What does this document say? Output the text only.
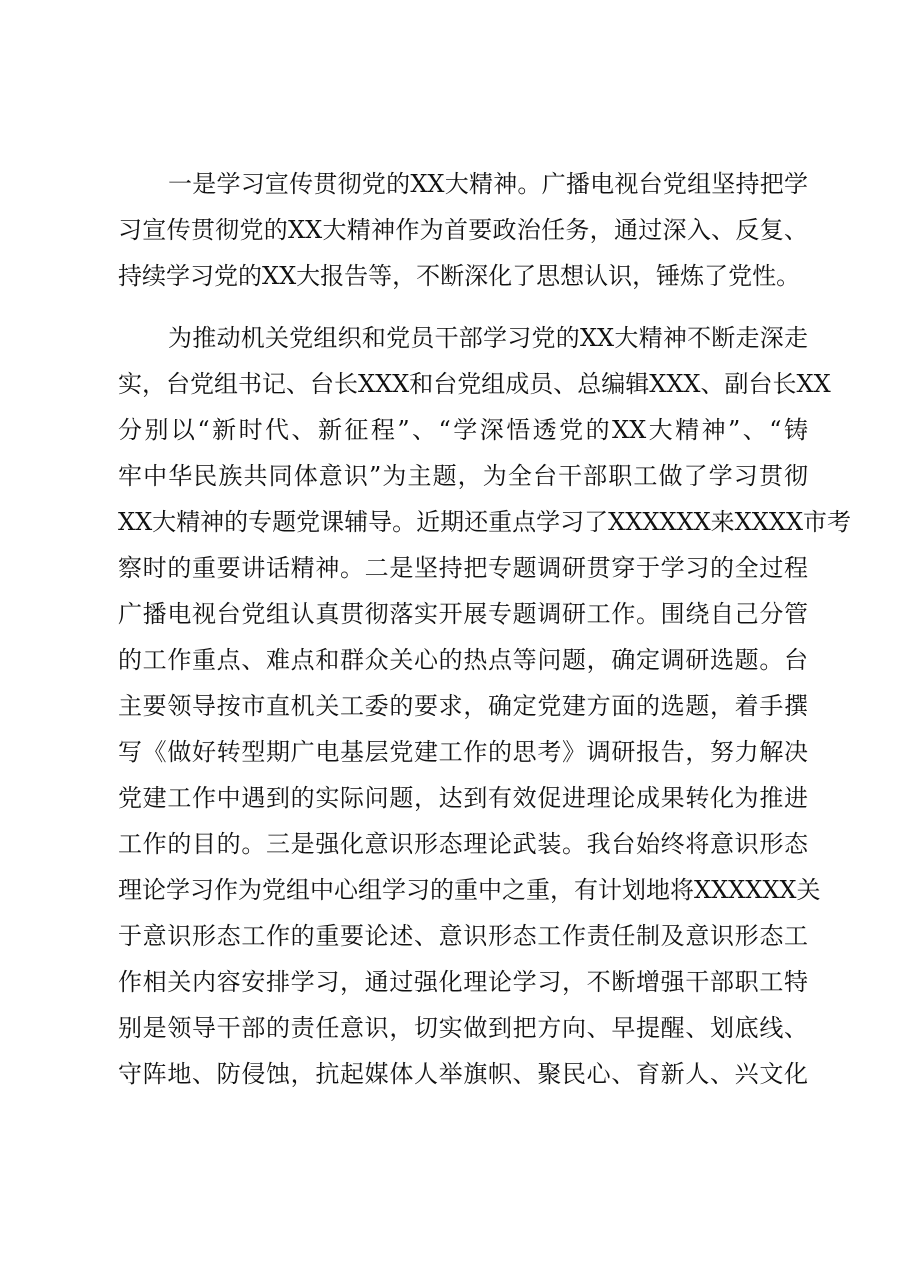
一是学习宣传贯彻党的XX大精神。广播电视台党组坚持把学
习宣传贯彻党的XX大精神作为首要政治任务，通过深入、反复、
持续学习党的XX大报告等，不断深化了思想认识，锤炼了党性。
为推动机关党组织和党员干部学习党的XX大精神不断走深走
实，台党组书记、台长XXX和台党组成员、总编辑XXX、副台长XX
分别以“新时代、新征程”、“学深悟透党的XX大精神”、“铸
牢中华民族共同体意识”为主题，为全台干部职工做了学习贯彻
XX大精神的专题党课辅导。近期还重点学习了XXXXXX来XXXX市考
察时的重要讲话精神。二是坚持把专题调研贯穿于学习的全过程
广播电视台党组认真贯彻落实开展专题调研工作。围绕自己分管
的工作重点、难点和群众关心的热点等问题，确定调研选题。台
主要领导按市直机关工委的要求，确定党建方面的选题，着手撰
写《做好转型期广电基层党建工作的思考》调研报告，努力解决
党建工作中遇到的实际问题，达到有效促进理论成果转化为推进
工作的目的。三是强化意识形态理论武装。我台始终将意识形态
理论学习作为党组中心组学习的重中之重，有计划地将XXXXXX关
于意识形态工作的重要论述、意识形态工作责任制及意识形态工
作相关内容安排学习，通过强化理论学习，不断增强干部职工特
别是领导干部的责任意识，切实做到把方向、早提醒、划底线、
守阵地、防侵蚀，抗起媒体人举旗帜、聚民心、育新人、兴文化
